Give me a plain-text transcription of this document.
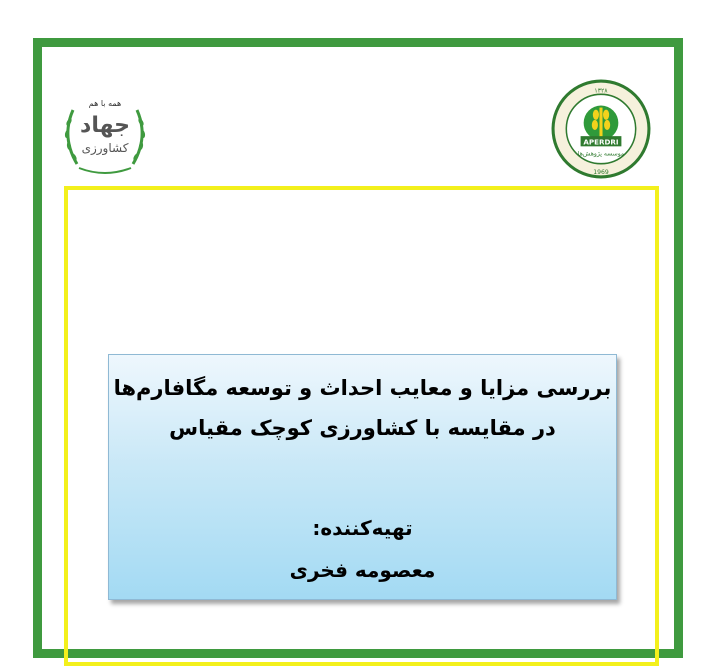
همه با هم
جهاد
کشاورزی	APERDRI
موسسه پژوهش‌ها
۱۳۲۸
1969
بررسی مزایا و معایب احداث و توسعه مگافارم‌ها
در مقایسه با کشاورزی کوچک مقیاس
تهیه‌کننده:
معصومه فخری
